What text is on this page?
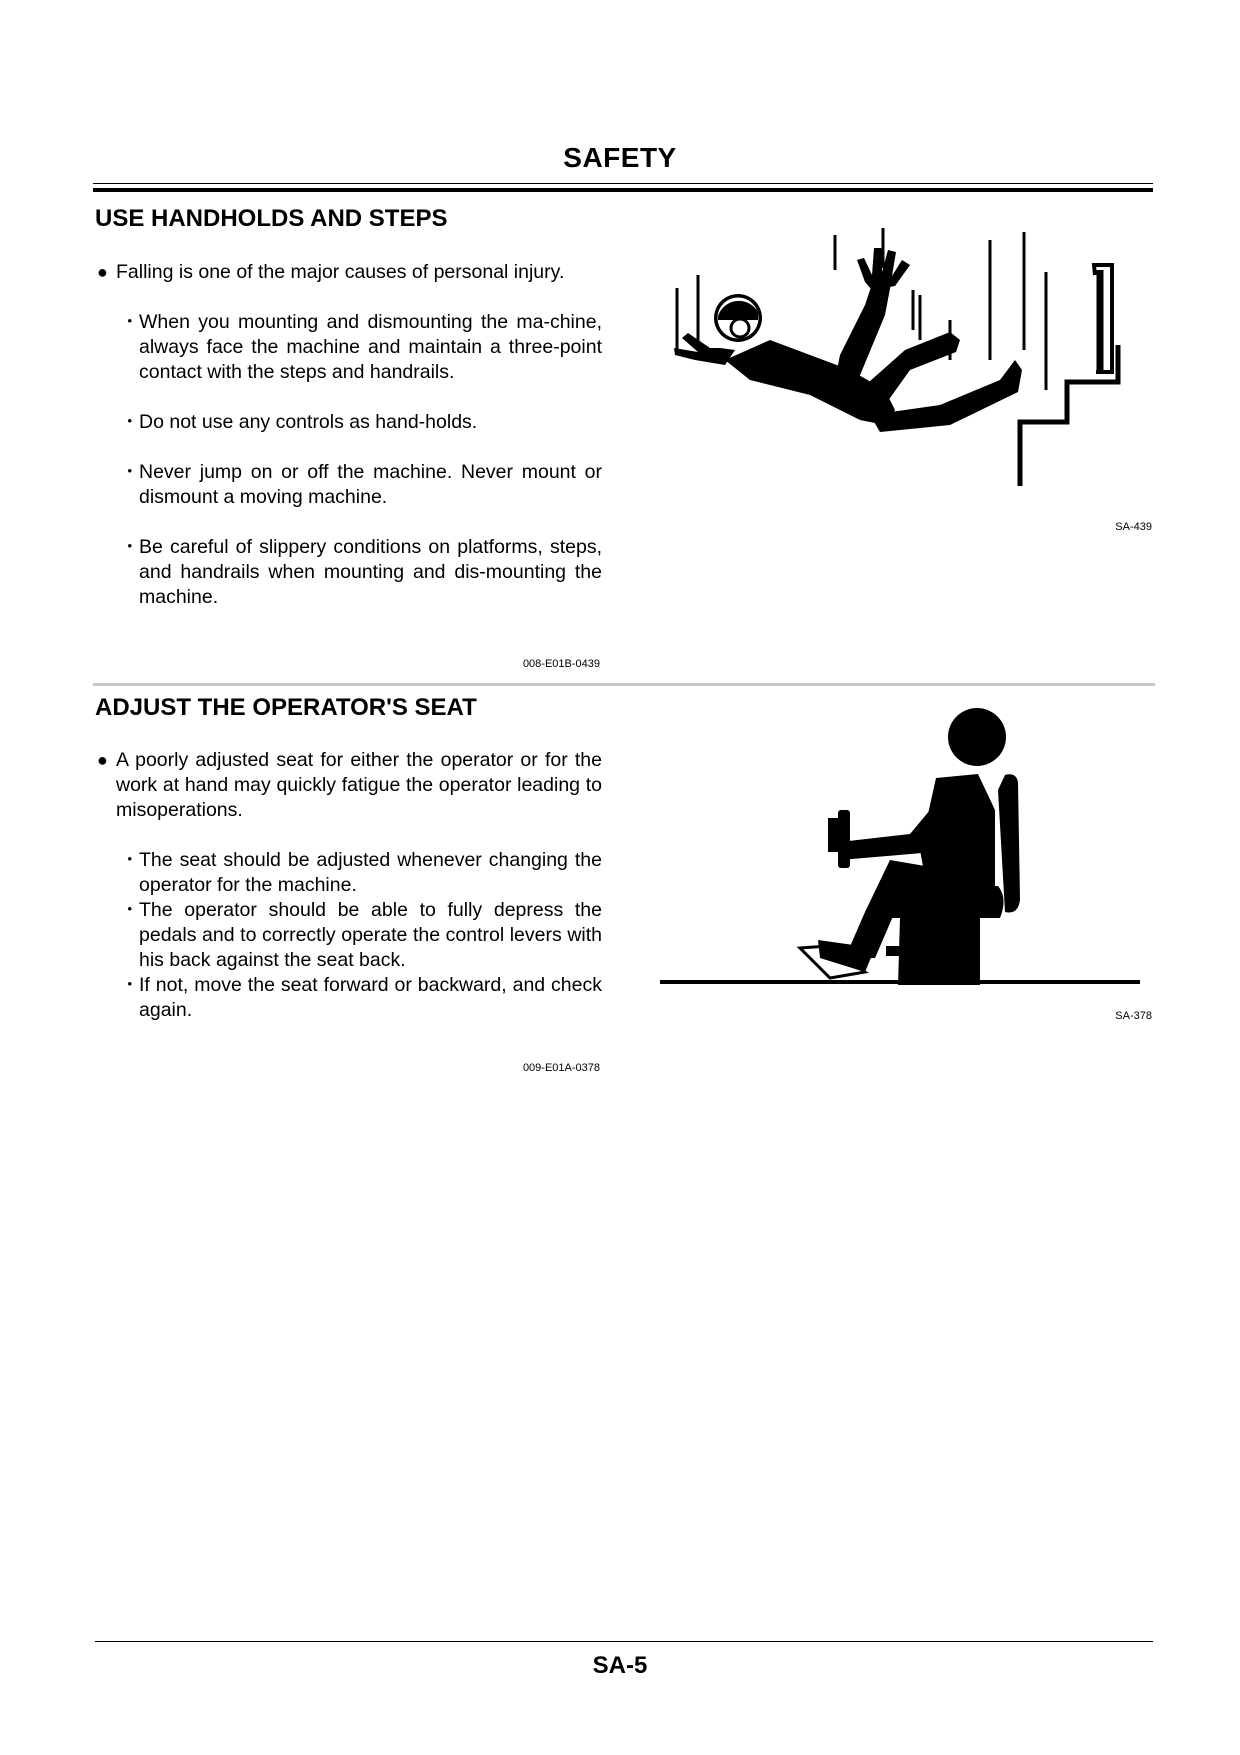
SAFETY
USE HANDHOLDS AND STEPS
● Falling is one of the major causes of personal injury.
・ When you mounting and dismounting the ma-chine, always face the machine and maintain a three-point contact with the steps and handrails.
・ Do not use any controls as hand-holds.
・ Never jump on or off the machine. Never mount or dismount a moving machine.
・ Be careful of slippery conditions on platforms, steps, and handrails when mounting and dis-mounting the machine.
008-E01B-0439
SA-439
ADJUST THE OPERATOR'S SEAT
● A poorly adjusted seat for either the operator or for the work at hand may quickly fatigue the operator leading to misoperations.
・ The seat should be adjusted whenever changing the operator for the machine.
・ The operator should be able to fully depress the pedals and to correctly operate the control levers with his back against the seat back.
・ If not, move the seat forward or backward, and check again.
009-E01A-0378
SA-378
SA-5
